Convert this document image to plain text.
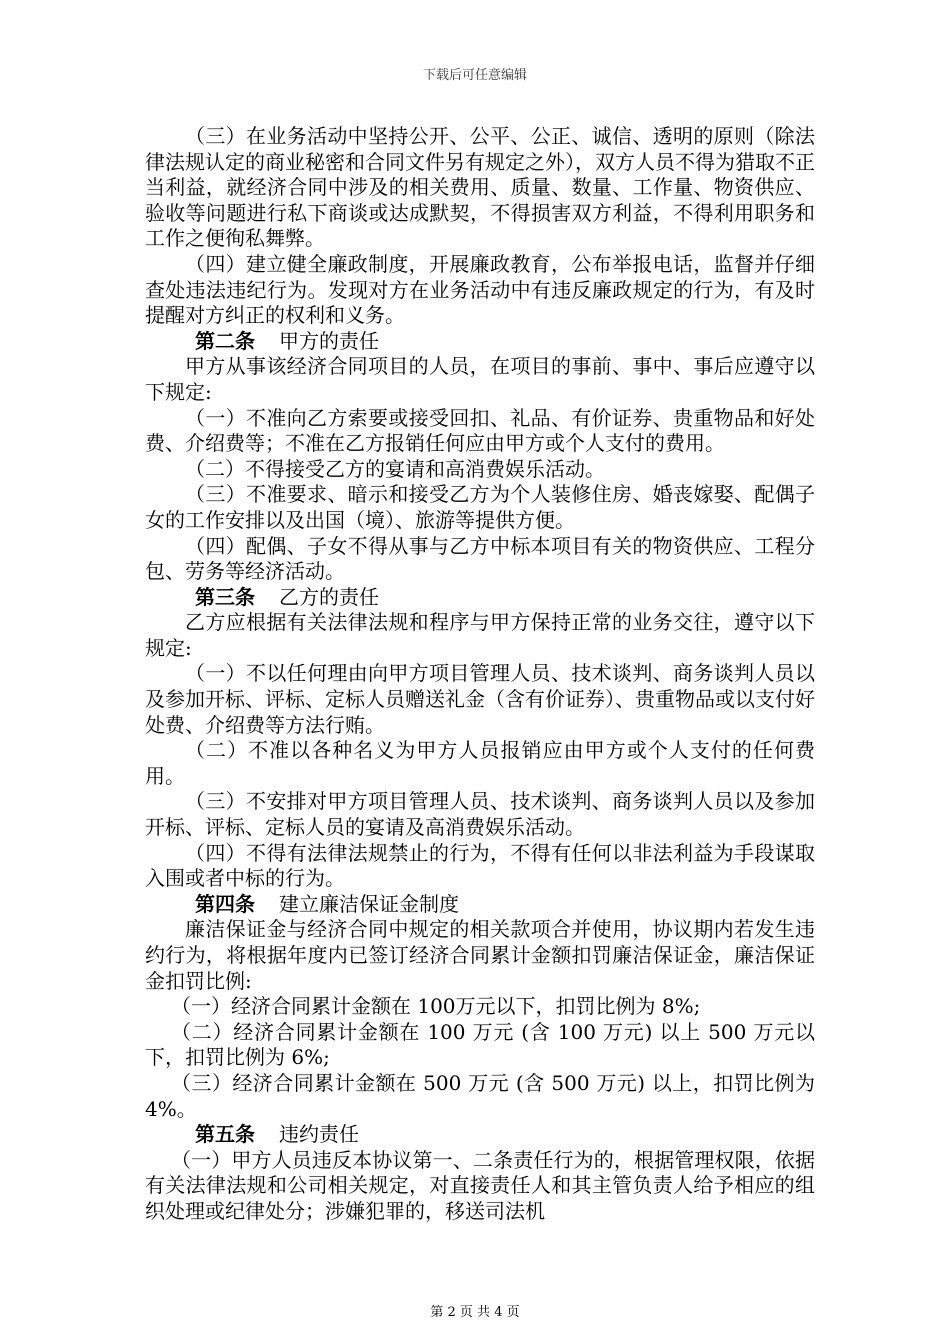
下载后可任意编辑

（三）在业务活动中坚持公开、公平、公正、诚信、透明的原则（除法律法规认定的商业秘密和合同文件另有规定之外），双方人员不得为猎取不正当利益，就经济合同中涉及的相关费用、质量、数量、工作量、物资供应、验收等问题进行私下商谈或达成默契，不得损害双方利益，不得利用职务和工作之便徇私舞弊。

（四）建立健全廉政制度，开展廉政教育，公布举报电话，监督并仔细查处违法违纪行为。发现对方在业务活动中有违反廉政规定的行为，有及时提醒对方纠正的权利和义务。

第二条 甲方的责任

甲方从事该经济合同项目的人员，在项目的事前、事中、事后应遵守以下规定:

（一）不准向乙方索要或接受回扣、礼品、有价证券、贵重物品和好处费、介绍费等；不准在乙方报销任何应由甲方或个人支付的费用。

（二）不得接受乙方的宴请和高消费娱乐活动。

（三）不准要求、暗示和接受乙方为个人装修住房、婚丧嫁娶、配偶子女的工作安排以及出国（境）、旅游等提供方便。

（四）配偶、子女不得从事与乙方中标本项目有关的物资供应、工程分包、劳务等经济活动。

第三条 乙方的责任

乙方应根据有关法律法规和程序与甲方保持正常的业务交往，遵守以下规定:

（一）不以任何理由向甲方项目管理人员、技术谈判、商务谈判人员以及参加开标、评标、定标人员赠送礼金（含有价证券）、贵重物品或以支付好处费、介绍费等方法行贿。

（二）不准以各种名义为甲方人员报销应由甲方或个人支付的任何费用。

（三）不安排对甲方项目管理人员、技术谈判、商务谈判人员以及参加开标、评标、定标人员的宴请及高消费娱乐活动。

（四）不得有法律法规禁止的行为，不得有任何以非法利益为手段谋取入围或者中标的行为。

第四条 建立廉洁保证金制度

廉洁保证金与经济合同中规定的相关款项合并使用，协议期内若发生违约行为，将根据年度内已签订经济合同累计金额扣罚廉洁保证金，廉洁保证金扣罚比例:

（一）经济合同累计金额在 100万元以下，扣罚比例为 8%;

（二）经济合同累计金额在 100 万元 (含 100 万元) 以上 500 万元以下，扣罚比例为 6%;

（三）经济合同累计金额在 500 万元 (含 500 万元) 以上，扣罚比例为 4%。

第五条 违约责任

（一）甲方人员违反本协议第一、二条责任行为的，根据管理权限，依据有关法律法规和公司相关规定，对直接责任人和其主管负责人给予相应的组织处理或纪律处分；涉嫌犯罪的，移送司法机

第 2 页 共 4 页
